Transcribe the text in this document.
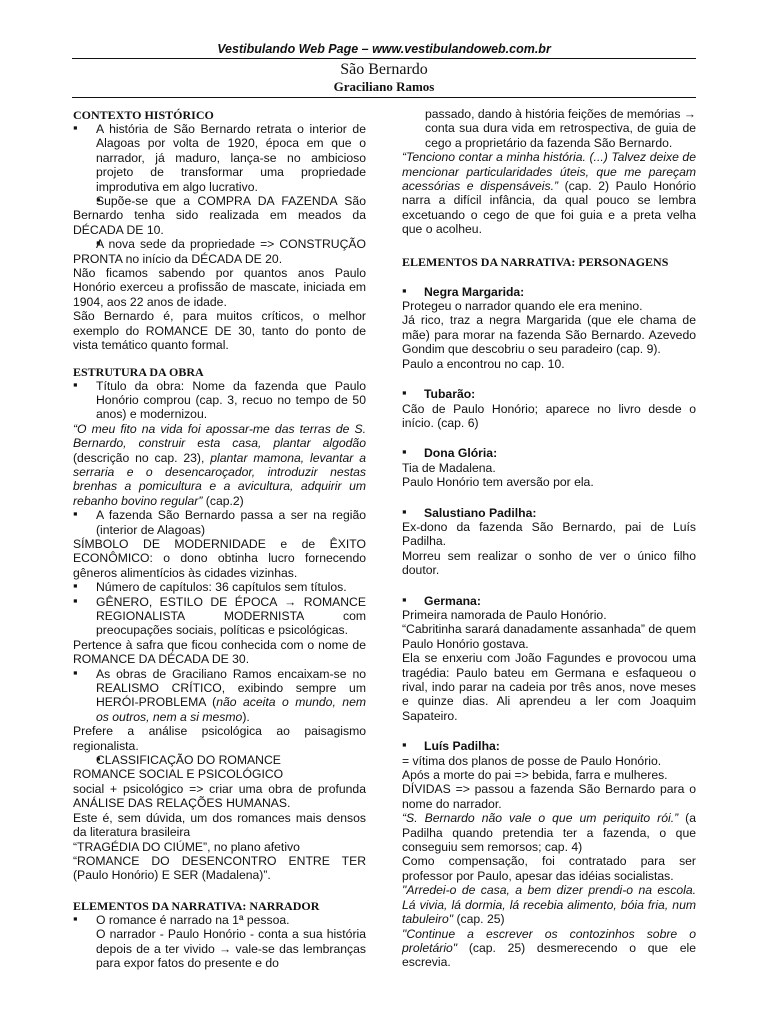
Vestibulando Web Page – www.vestibulandoweb.com.br
São Bernardo
Graciliano Ramos
CONTEXTO HISTÓRICO

▪ A história de São Bernardo retrata o interior de Alagoas por volta de 1920, época em que o narrador, já maduro, lança-se no ambicioso projeto de transformar uma propriedade improdutiva em algo lucrativo.

▪ Supõe-se que a COMPRA DA FAZENDA São Bernardo tenha sido realizada em meados da DÉCADA DE 10.

▪ A nova sede da propriedade => CONSTRUÇÃO PRONTA no início da DÉCADA DE 20.

Não ficamos sabendo por quantos anos Paulo Honório exerceu a profissão de mascate, iniciada em 1904, aos 22 anos de idade.

São Bernardo é, para muitos críticos, o melhor exemplo do ROMANCE DE 30, tanto do ponto de vista temático quanto formal.

ESTRUTURA DA OBRA

▪ Título da obra: Nome da fazenda que Paulo Honório comprou (cap. 3, recuo no tempo de 50 anos) e modernizou.

“O meu fito na vida foi apossar-me das terras de S. Bernardo, construir esta casa, plantar algodão (descrição no cap. 23), plantar mamona, levantar a serraria e o desencaroçador, introduzir nestas brenhas a pomicultura e a avicultura, adquirir um rebanho bovino regular” (cap.2)

▪ A fazenda São Bernardo passa a ser na região (interior de Alagoas)

SÍMBOLO DE MODERNIDADE e de ÊXITO ECONÔMICO: o dono obtinha lucro fornecendo gêneros alimentícios às cidades vizinhas.

▪ Número de capítulos: 36 capítulos sem títulos.

▪ GÊNERO, ESTILO DE ÉPOCA → ROMANCE REGIONALISTA MODERNISTA com preocupações sociais, políticas e psicológicas.

Pertence à safra que ficou conhecida com o nome de ROMANCE DA DÉCADA DE 30.

▪ As obras de Graciliano Ramos encaixam-se no REALISMO CRÍTICO, exibindo sempre um HERÓI-PROBLEMA (não aceita o mundo, nem os outros, nem a si mesmo).

Prefere a análise psicológica ao paisagismo regionalista.

▪ CLASSIFICAÇÃO DO ROMANCE

ROMANCE SOCIAL E PSICOLÓGICO

social + psicológico => criar uma obra de profunda ANÁLISE DAS RELAÇÕES HUMANAS.

Este é, sem dúvida, um dos romances mais densos da literatura brasileira

“TRAGÉDIA DO CIÚME”, no plano afetivo

“ROMANCE DO DESENCONTRO ENTRE TER (Paulo Honório) E SER (Madalena)”.

ELEMENTOS DA NARRATIVA: NARRADOR

▪ O romance é narrado na 1ª pessoa.
O narrador - Paulo Honório - conta a sua história depois de a ter vivido → vale-se das lembranças para expor fatos do presente e do

passado, dando à história feições de memórias → conta sua dura vida em retrospectiva, de guia de cego a proprietário da fazenda São Bernardo.

“Tenciono contar a minha história. (...) Talvez deixe de mencionar particularidades úteis, que me pareçam acessórias e dispensáveis.” (cap. 2) Paulo Honório narra a difícil infância, da qual pouco se lembra excetuando o cego de que foi guia e a preta velha que o acolheu.

ELEMENTOS DA NARRATIVA: PERSONAGENS

▪ Negra Margarida:

Protegeu o narrador quando ele era menino.

Já rico, traz a negra Margarida (que ele chama de mãe) para morar na fazenda São Bernardo. Azevedo Gondim que descobriu o seu paradeiro (cap. 9).

Paulo a encontrou no cap. 10.

▪ Tubarão:

Cão de Paulo Honório; aparece no livro desde o início. (cap. 6)

▪ Dona Glória:

Tia de Madalena.

Paulo Honório tem aversão por ela.

▪ Salustiano Padilha:

Ex-dono da fazenda São Bernardo, pai de Luís Padilha.

Morreu sem realizar o sonho de ver o único filho doutor.

▪ Germana:

Primeira namorada de Paulo Honório.

“Cabritinha sarará danadamente assanhada” de quem Paulo Honório gostava.

Ela se enxeriu com João Fagundes e provocou uma tragédia: Paulo bateu em Germana e esfaqueou o rival, indo parar na cadeia por três anos, nove meses e quinze dias. Ali aprendeu a ler com Joaquim Sapateiro.

▪ Luís Padilha:

= vítima dos planos de posse de Paulo Honório.

Após a morte do pai => bebida, farra e mulheres.

DÍVIDAS => passou a fazenda São Bernardo para o nome do narrador.

“S. Bernardo não vale o que um periquito rói.” (a Padilha quando pretendia ter a fazenda, o que conseguiu sem remorsos; cap. 4)

Como compensação, foi contratado para ser professor por Paulo, apesar das idéias socialistas.

"Arredei-o de casa, a bem dizer prendi-o na escola. Lá vivia, lá dormia, lá recebia alimento, bóia fria, num tabuleiro" (cap. 25)

"Continue a escrever os contozinhos sobre o proletário" (cap. 25) desmerecendo o que ele escrevia.
